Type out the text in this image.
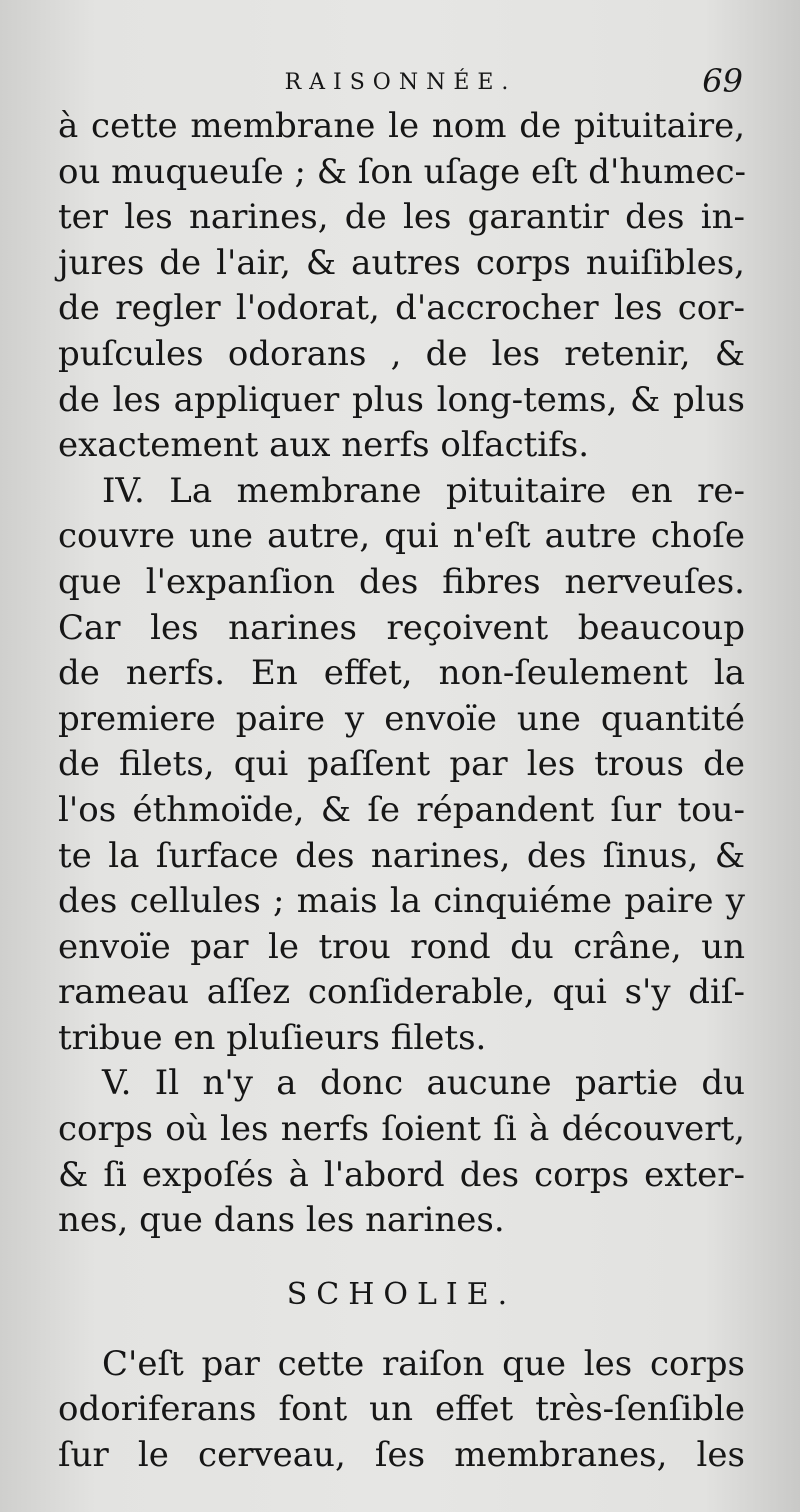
RAISONNÉE.	69
à cette membrane le nom de pituitaire,
ou muqueuſe ; & ſon uſage eſt d'humec-
ter les narines, de les garantir des in-
jures de l'air, & autres corps nuiſibles,
de regler l'odorat, d'accrocher les cor-
puſcules odorans , de les retenir, &
de les appliquer plus long-tems, & plus
exactement aux nerfs olfactifs.
IV. La membrane pituitaire en re-
couvre une autre, qui n'eſt autre choſe
que l'expanſion des fibres nerveuſes.
Car les narines reçoivent beaucoup
de nerfs. En effet, non-ſeulement la
premiere paire y envoïe une quantité
de filets, qui paſſent par les trous de
l'os éthmoïde, & ſe répandent ſur tou-
te la ſurface des narines, des ſinus, &
des cellules ; mais la cinquiéme paire y
envoïe par le trou rond du crâne, un
rameau aſſez conſiderable, qui s'y diſ-
tribue en pluſieurs filets.
V. Il n'y a donc aucune partie du
corps où les nerfs ſoient ſi à découvert,
& ſi expoſés à l'abord des corps exter-
nes, que dans les narines.
SCHOLIE.
C'eſt par cette raiſon que les corps
odoriferans font un effet très-ſenſible
ſur le cerveau, ſes membranes, les
